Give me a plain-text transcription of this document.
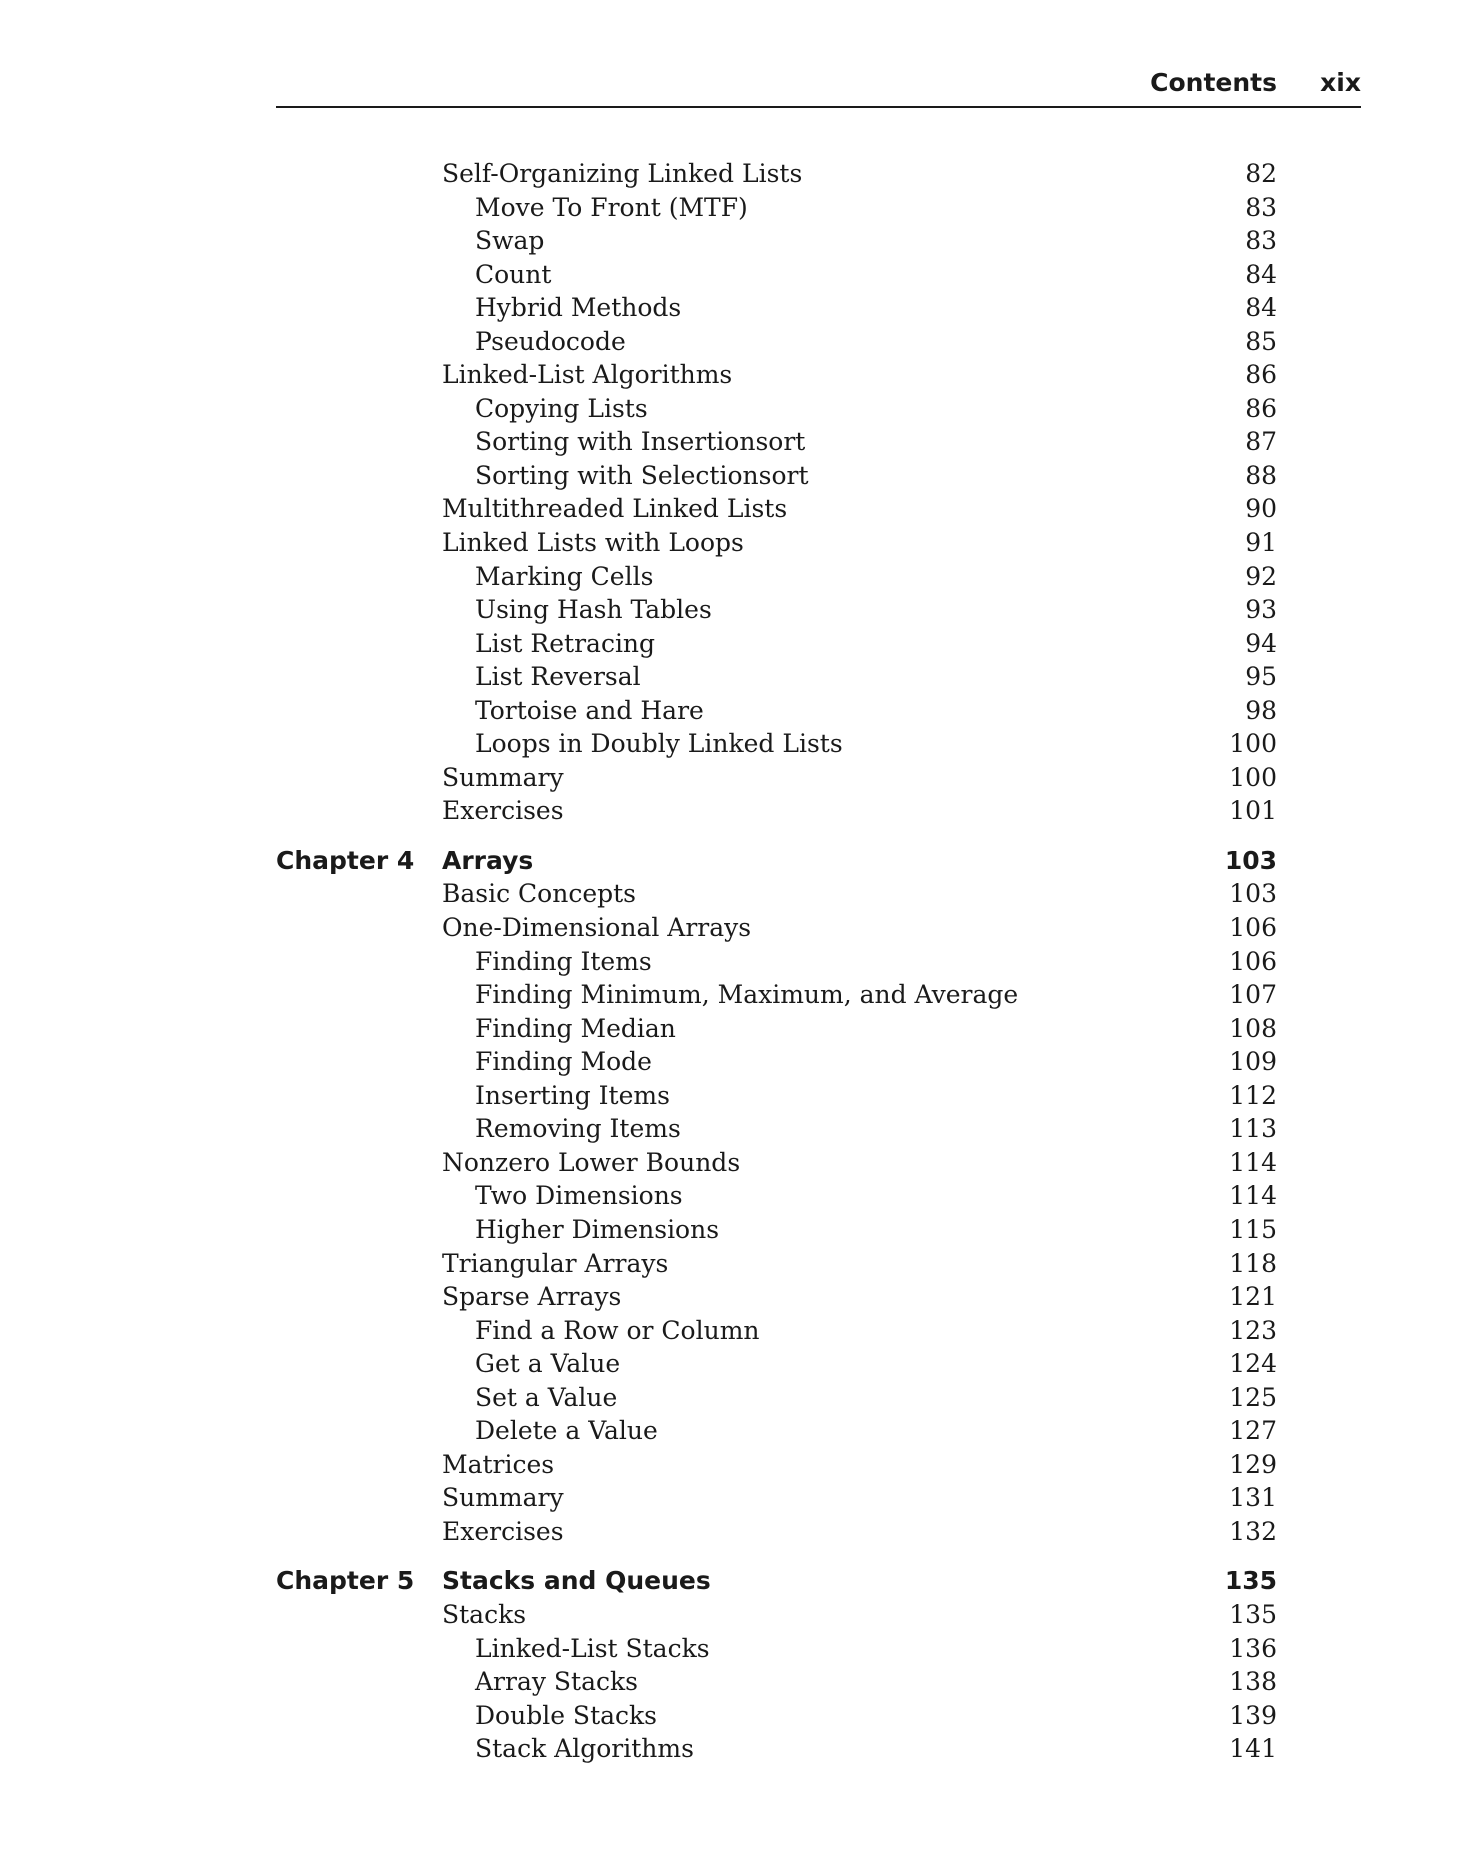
Contents xix
Self-Organizing Linked Lists	82
Move To Front (MTF)	83
Swap	83
Count	84
Hybrid Methods	84
Pseudocode	85
Linked-List Algorithms	86
Copying Lists	86
Sorting with Insertionsort	87
Sorting with Selectionsort	88
Multithreaded Linked Lists	90
Linked Lists with Loops	91
Marking Cells	92
Using Hash Tables	93
List Retracing	94
List Reversal	95
Tortoise and Hare	98
Loops in Doubly Linked Lists	100
Summary	100
Exercises	101
Chapter 4 Arrays	103
Basic Concepts	103
One-Dimensional Arrays	106
Finding Items	106
Finding Minimum, Maximum, and Average	107
Finding Median	108
Finding Mode	109
Inserting Items	112
Removing Items	113
Nonzero Lower Bounds	114
Two Dimensions	114
Higher Dimensions	115
Triangular Arrays	118
Sparse Arrays	121
Find a Row or Column	123
Get a Value	124
Set a Value	125
Delete a Value	127
Matrices	129
Summary	131
Exercises	132
Chapter 5 Stacks and Queues	135
Stacks	135
Linked-List Stacks	136
Array Stacks	138
Double Stacks	139
Stack Algorithms	141
